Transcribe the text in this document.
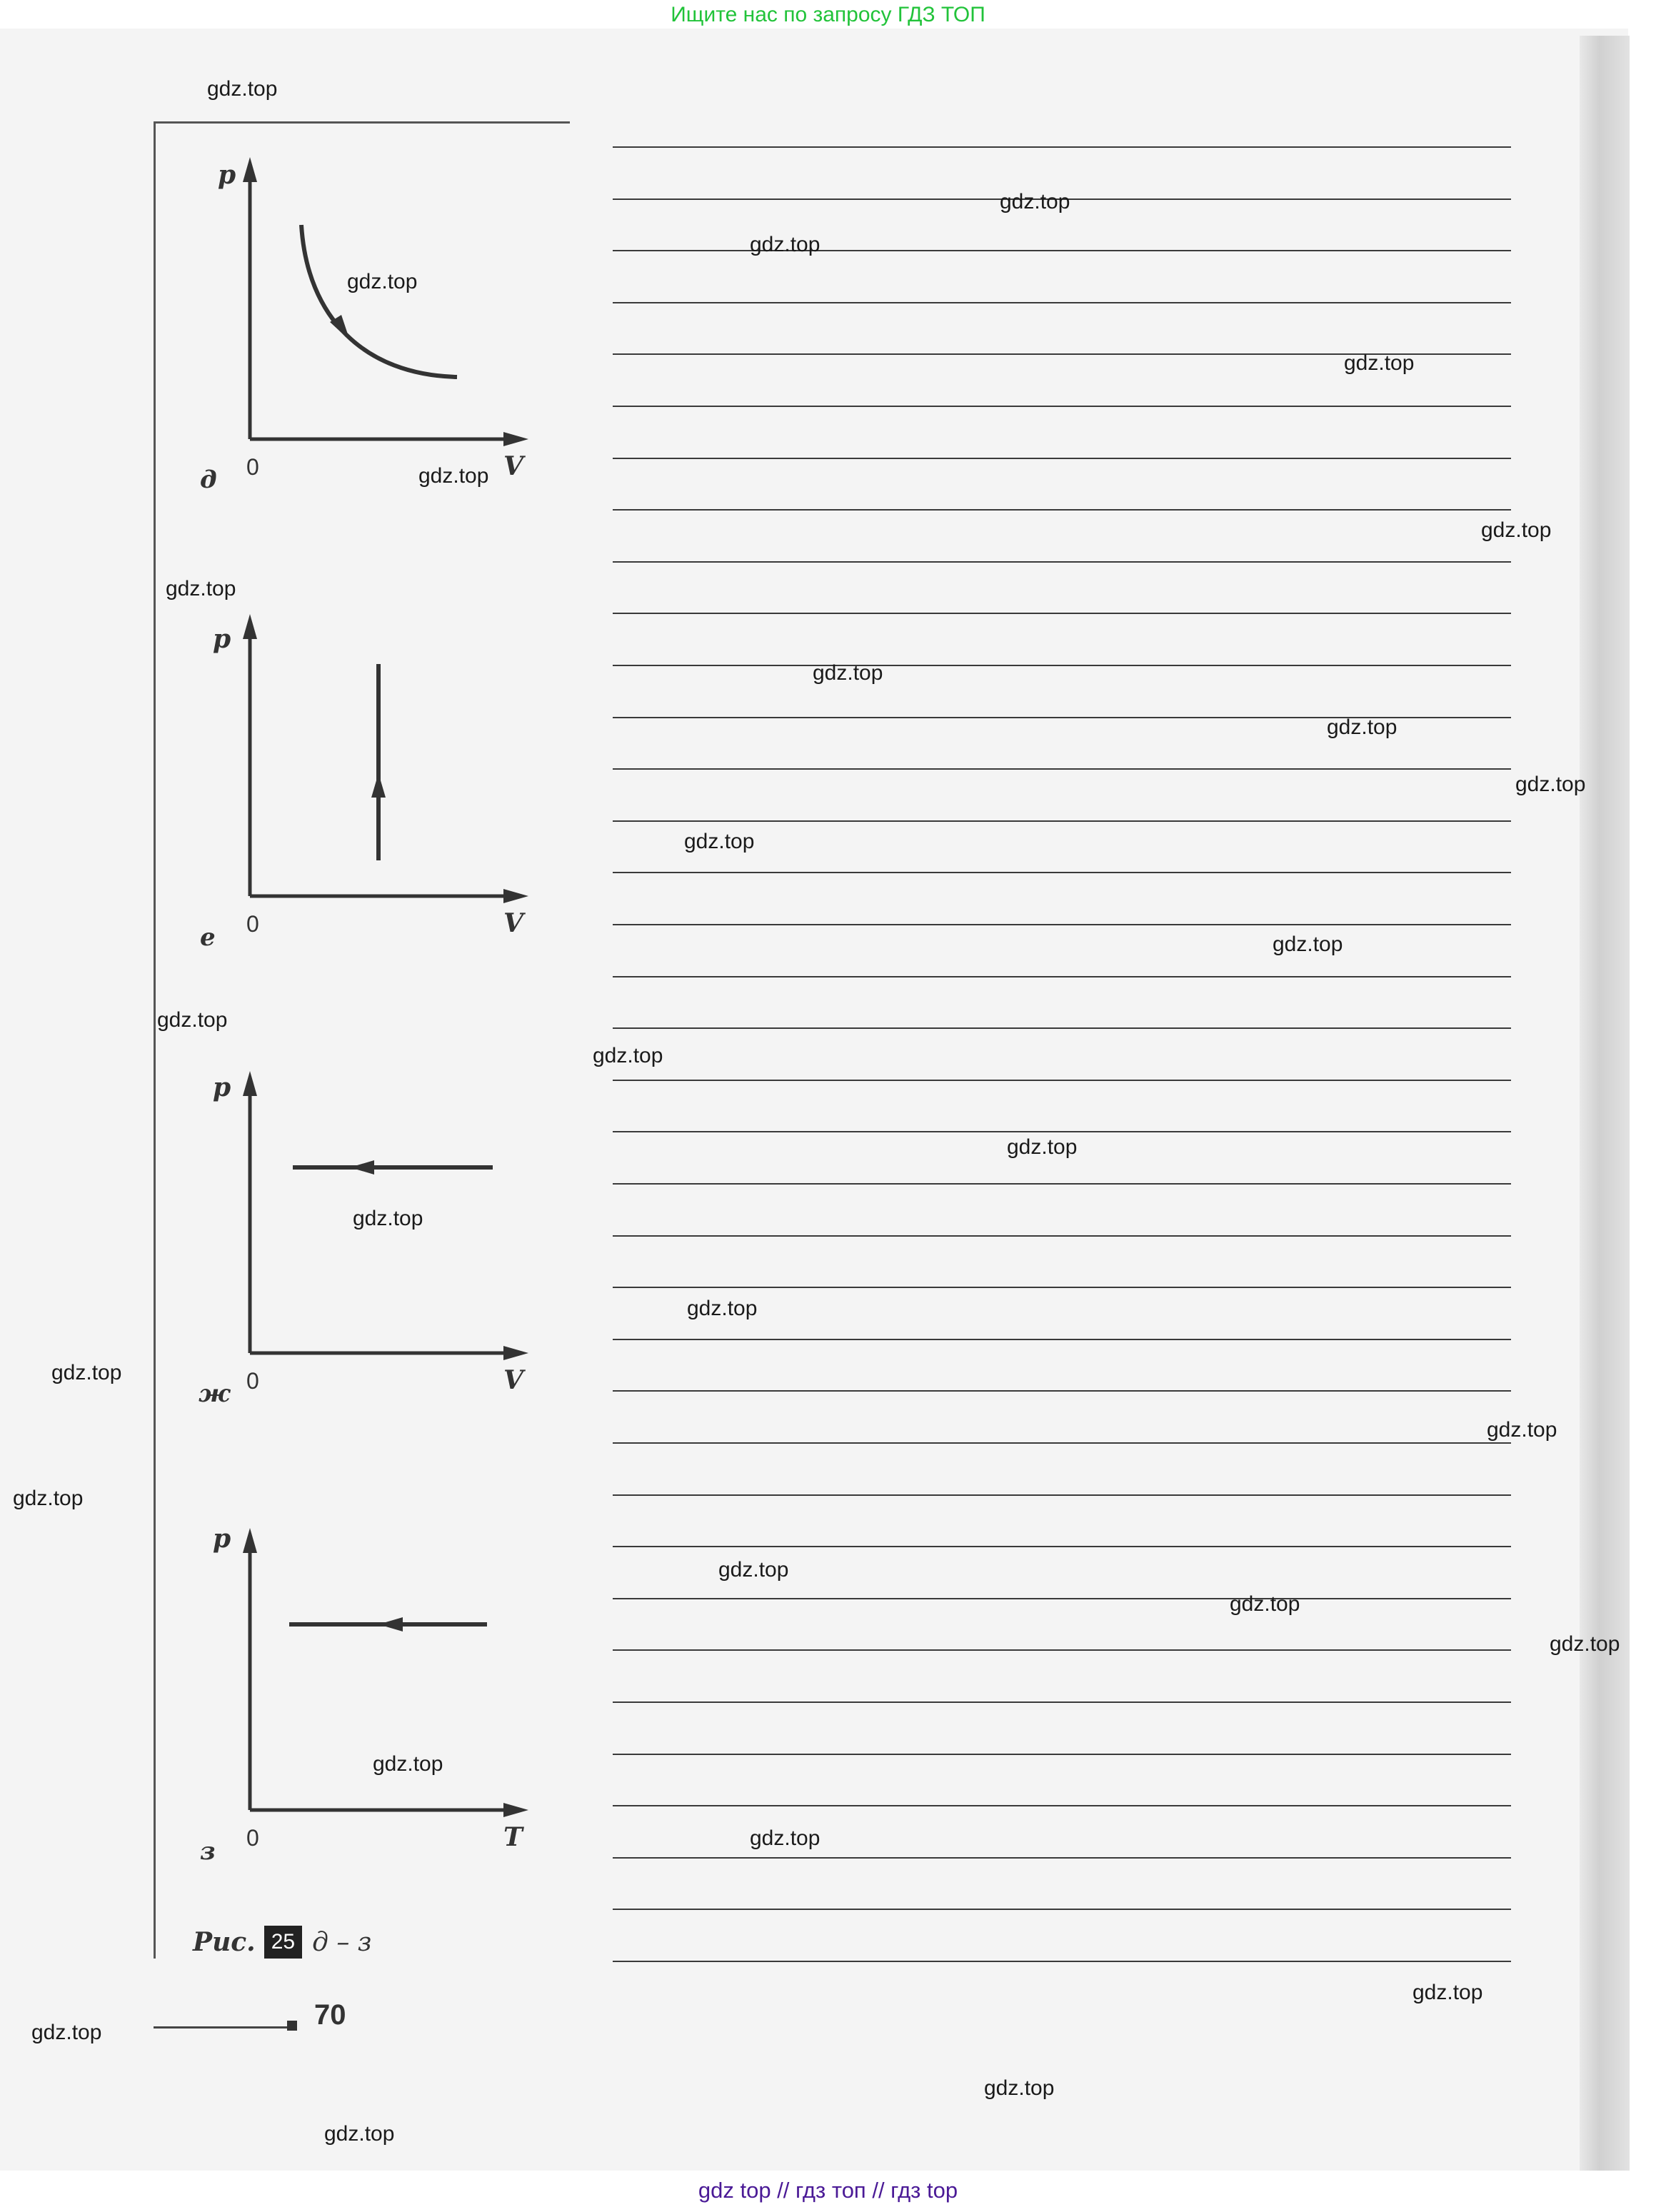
Ищите нас по запросу ГДЗ ТОП
p
V
0
д
p
V
0
е
p
V
0
ж
p
T
0
з
Рис. 25 д – з
70
gdz.top
gdz.top
gdz.top
gdz.top
gdz.top
gdz.top
gdz.top
gdz.top
gdz.top
gdz.top
gdz.top
gdz.top
gdz.top
gdz.top
gdz.top
gdz.top
gdz.top
gdz.top
gdz.top
gdz.top
gdz.top
gdz.top
gdz.top
gdz.top
gdz.top
gdz.top
gdz.top
gdz.top
gdz.top
gdz.top
gdz top // гдз топ // гдз top
